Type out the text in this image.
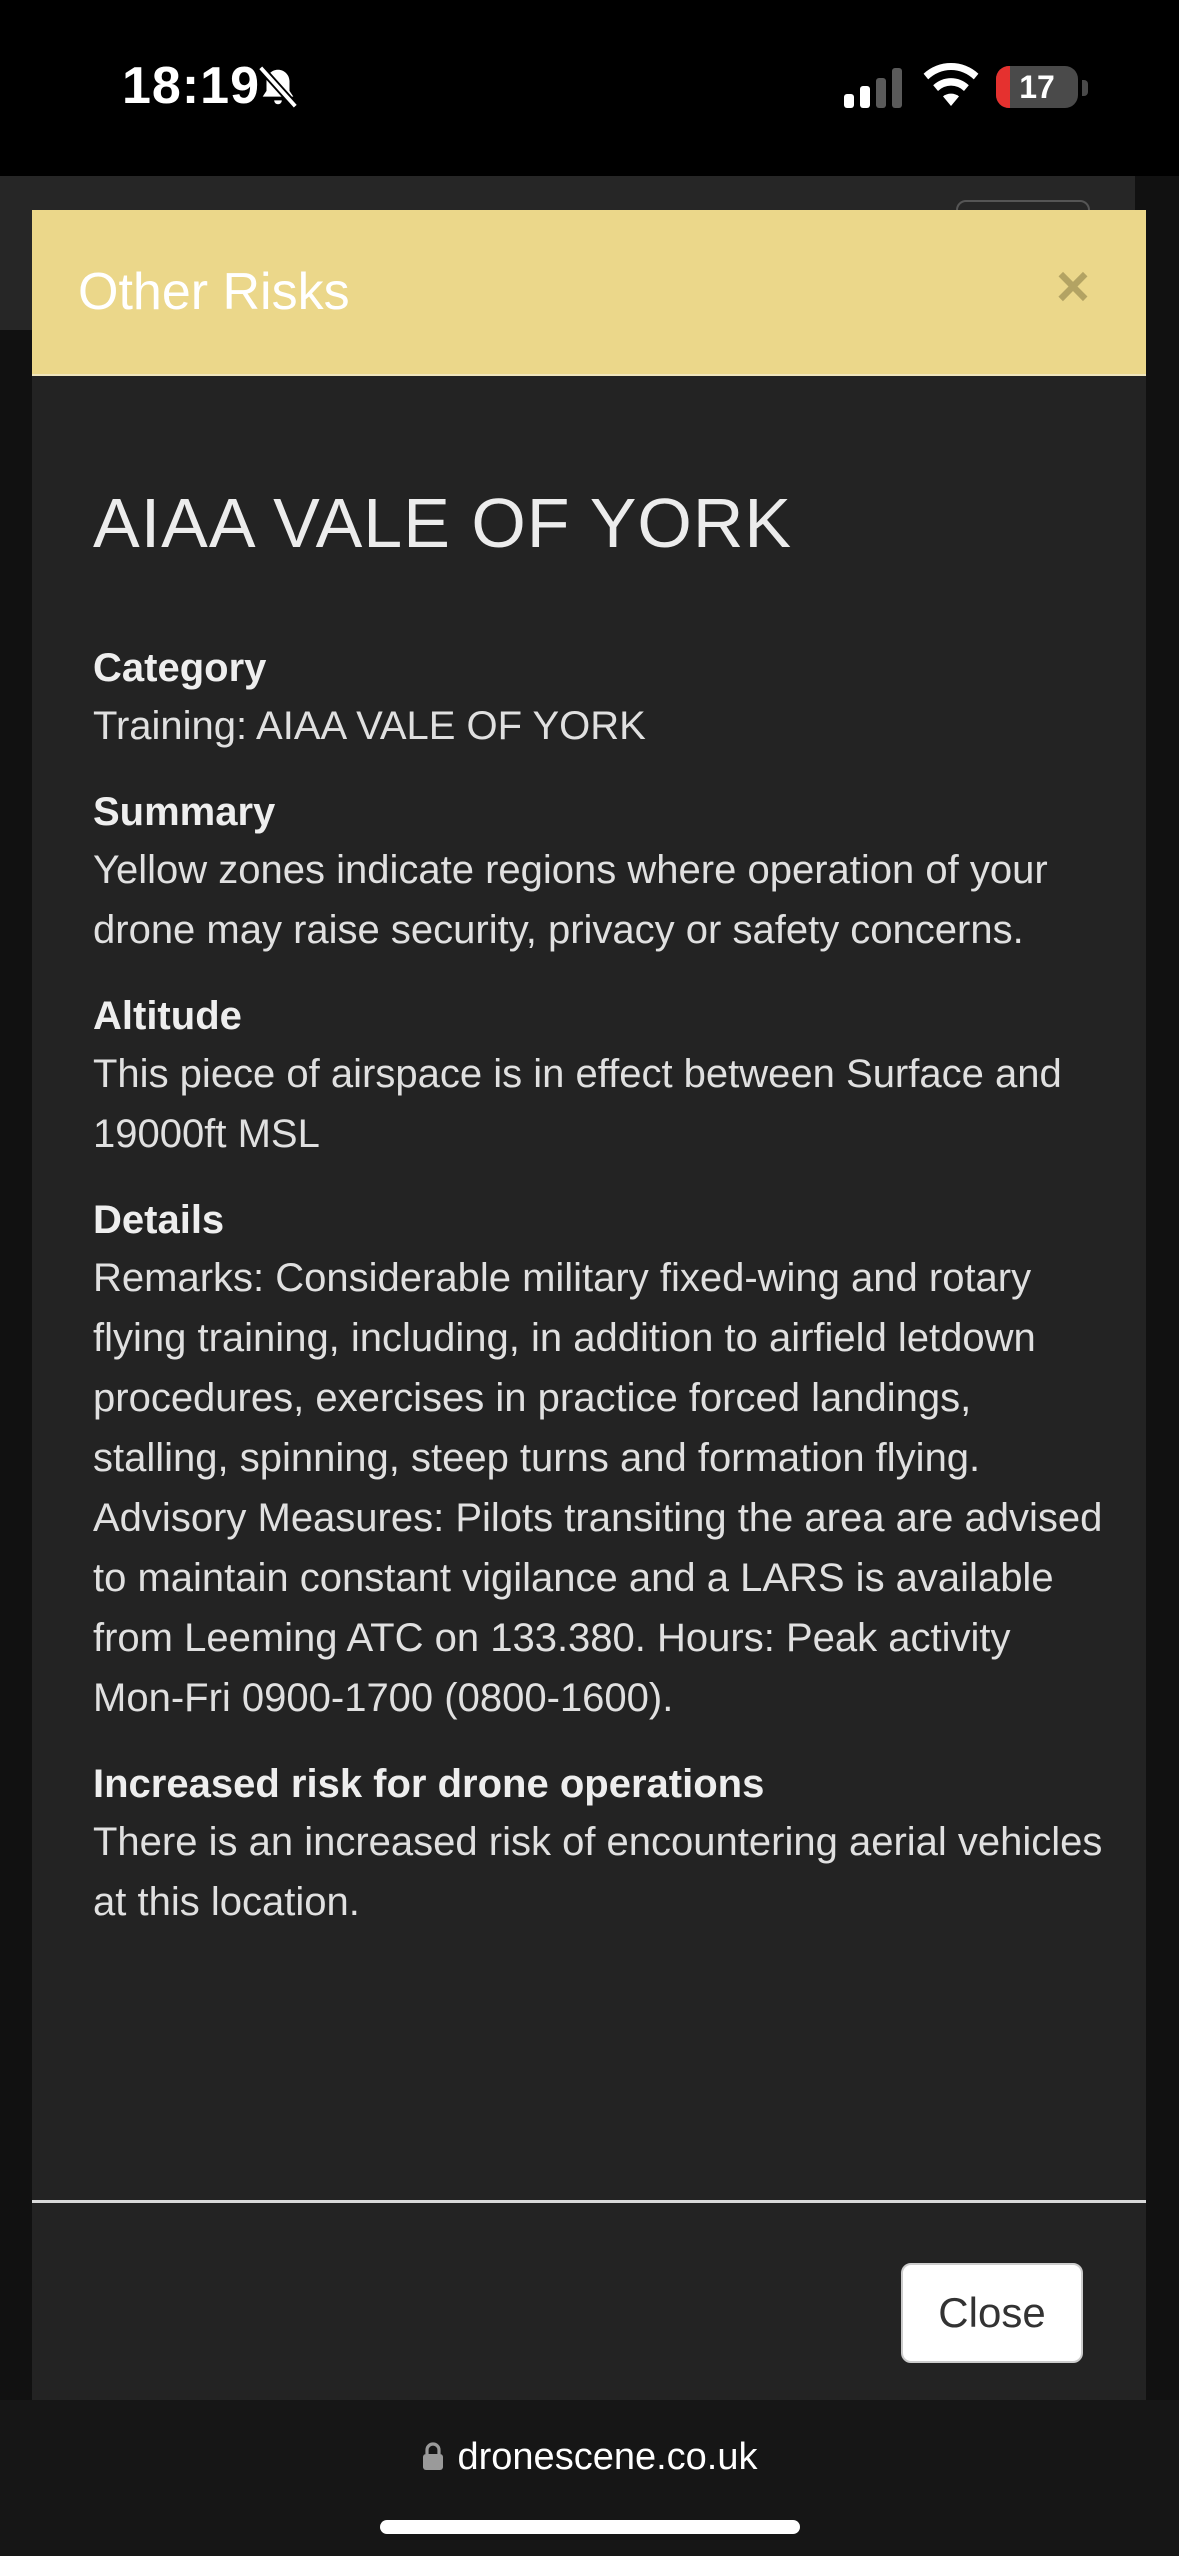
18:19	17
Other Risks	×
AIAA VALE OF YORK
Category
Training: AIAA VALE OF YORK
Summary
Yellow zones indicate regions where operation of your drone may raise security, privacy or safety concerns.
Altitude
This piece of airspace is in effect between Surface and 19000ft MSL
Details
Remarks: Considerable military fixed-wing and rotary flying training, including, in addition to airfield letdown procedures, exercises in practice forced landings, stalling, spinning, steep turns and formation flying. Advisory Measures: Pilots transiting the area are advised to maintain constant vigilance and a LARS is available from Leeming ATC on 133.380. Hours: Peak activity Mon-Fri 0900-1700 (0800-1600).
Increased risk for drone operations
There is an increased risk of encountering aerial vehicles at this location.
Close
dronescene.co.uk
